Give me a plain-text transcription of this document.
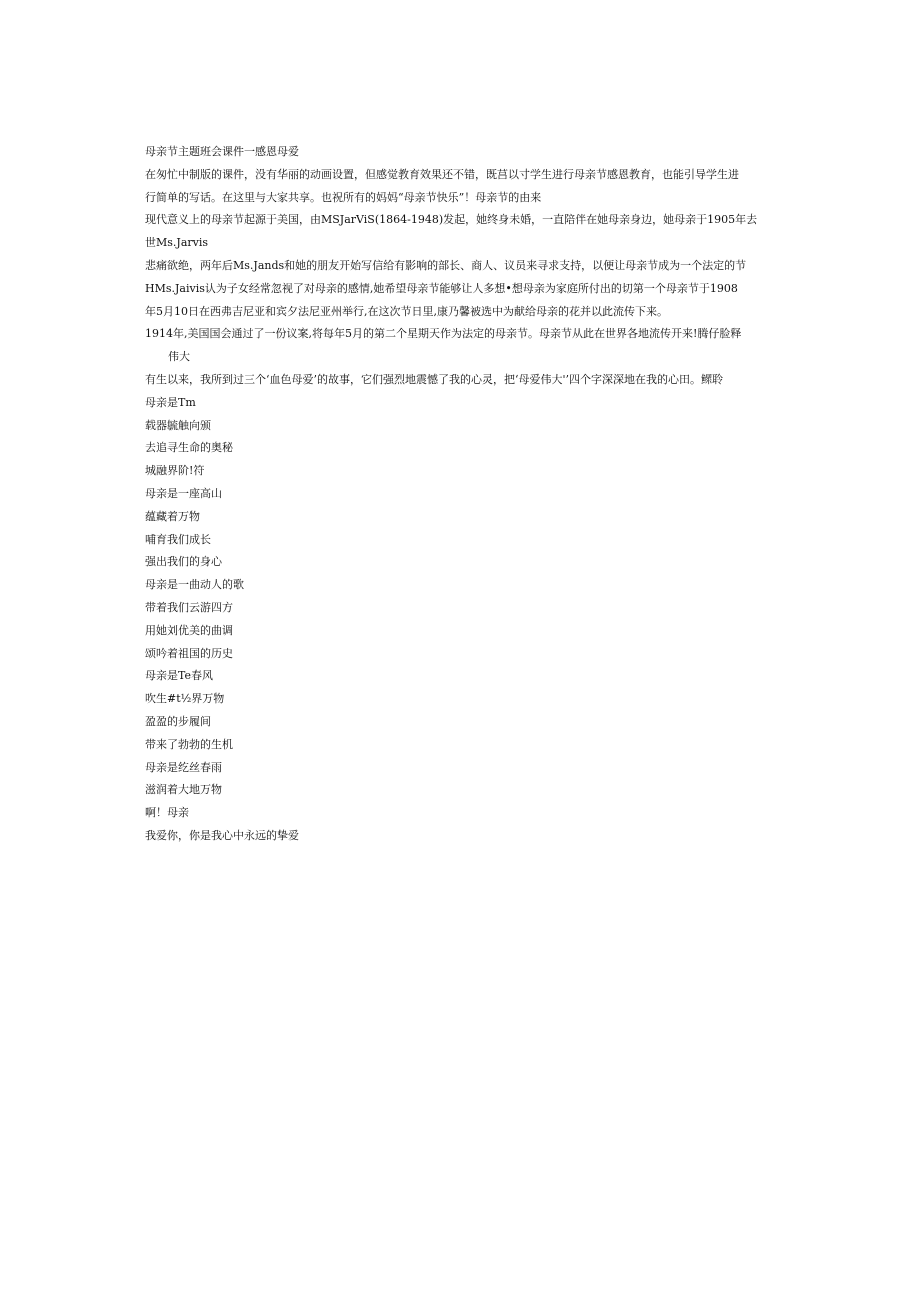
母亲节主题班会课件一感恩母爱

在匆忙中制版的课件，没有华丽的动画设置，但感觉教育效果还不错，既莒以寸学生进行母亲节感恩教育，也能引导学生进

行简单的写话。在这里与大家共享。也祝所有的妈妈“母亲节快乐”！母亲节的由来

现代意义上的母亲节起源于美国，由MSJarViS(1864-1948)发起，她终身未婚，一直陪伴在她母亲身边，她母亲于1905年去

世Ms.Jarvis

悲痛欲绝，两年后Ms.Jands和她的朋友开始写信给有影响的部长、商人、议员来寻求支持，以便让母亲节成为一个法定的节

HMs.Jaivis认为子女经常忽视了对母亲的感情,她希望母亲节能够让人多想•想母亲为家庭所付出的切第一个母亲节于1908

年5月10日在西弗吉尼亚和宾夕法尼亚州举行,在这次节日里,康乃馨被选中为献给母亲的花并以此流传下来。

1914年,美国国会通过了一份议案,将每年5月的第二个星期天作为法定的母亲节。母亲节从此在世界各地流传开来!腾仔脸释

伟大

有生以来，我所到过三个‘血色母爱’的故事，它们强烈地震憾了我的心灵，把‘母爱伟大'’四个字深深地在我的心田。鳏聆

母亲是Tm

载器毓触向颁

去追寻生命的奥秘

城融界阶!符

母亲是一座高山

蕴藏着万物

哺育我们成长

强出我们的身心

母亲是一曲动人的歌

带着我们云游四方

用她刘优美的曲调

颂吟着祖国的历史

母亲是Te春风

吹生#t½界万物

盈盈的步履间

带来了勃勃的生机

母亲是纥丝春雨

滋润着大地万物

啊！母亲

我爱你，你是我心中永远的挚爱
